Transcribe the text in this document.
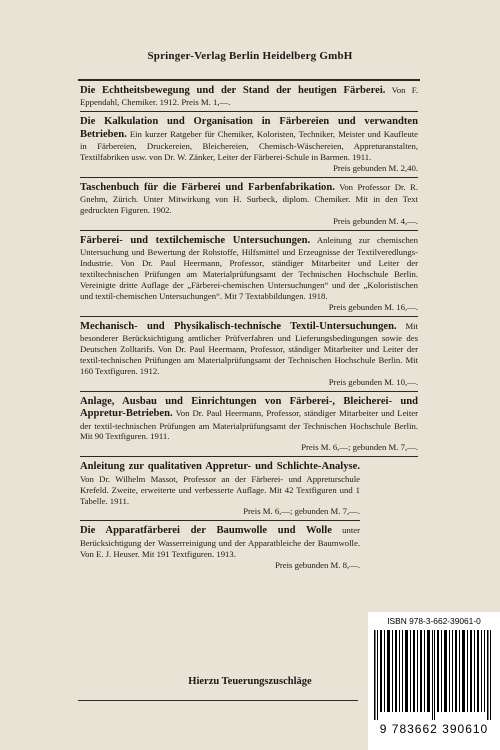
Springer-Verlag Berlin Heidelberg GmbH
Die Echtheitsbewegung und der Stand der heutigen Färberei. Von F. Eppendahl, Chemiker. 1912. Preis M. 1,—.
Die Kalkulation und Organisation in Färbereien und verwandten Betrieben. Ein kurzer Ratgeber für Chemiker, Koloristen, Techniker, Meister und Kaufleute in Färbereien, Druckereien, Bleichereien, Chemisch-Wäschereien, Appreturanstalten, Textilfabriken usw. von Dr. W. Zänker, Leiter der Färberei-Schule in Barmen. 1911.
Preis gebunden M. 2,40.
Taschenbuch für die Färberei und Farbenfabrikation. Von Professor Dr. R. Gnehm, Zürich. Unter Mitwirkung von H. Surbeck, diplom. Chemiker. Mit in den Text gedruckten Figuren. 1902.
Preis gebunden M. 4,—.
Färberei- und textilchemische Untersuchungen. Anleitung zur chemischen Untersuchung und Bewertung der Rohstoffe, Hilfsmittel und Erzeugnisse der Textilveredlungs-Industrie. Von Dr. Paul Heermann, Professor, ständiger Mitarbeiter und Leiter der textiltechnischen Prüfungen am Materialprüfungsamt der Technischen Hochschule Berlin. Vereinigte dritte Auflage der „Färberei-chemischen Untersuchungen“ und der „Koloristischen und textil-chemischen Untersuchungen“. Mit 7 Textabbildungen. 1918.
Preis gebunden M. 16,—.
Mechanisch- und Physikalisch-technische Textil-Untersuchungen. Mit besonderer Berücksichtigung amtlicher Prüfverfahren und Lieferungsbedingungen sowie des Deutschen Zolltarifs. Von Dr. Paul Heermann, Professor, ständiger Mitarbeiter und Leiter der textil-technischen Prüfungen am Materialprüfungsamt der Technischen Hochschule Berlin. Mit 160 Textfiguren. 1912.
Preis gebunden M. 10,—.
Anlage, Ausbau und Einrichtungen von Färberei-, Bleicherei- und Appretur-Betrieben. Von Dr. Paul Heermann, Professor, ständiger Mitarbeiter und Leiter der textil-technischen Prüfungen am Materialprüfungsamt der Technischen Hochschule Berlin. Mit 90 Textfiguren. 1911.
Preis M. 6,—; gebunden M. 7,—.
Anleitung zur qualitativen Appretur- und Schlichte-Analyse. Von Dr. Wilhelm Massot, Professor an der Färberei- und Appreturschule Krefeld. Zweite, erweiterte und verbesserte Auflage. Mit 42 Textfiguren und 1 Tabelle. 1911.
Preis M. 6,—; gebunden M. 7,—.
Die Apparatfärberei der Baumwolle und Wolle unter Berücksichtigung der Wasserreinigung und der Apparatbleiche der Baumwolle. Von E. J. Heuser. Mit 191 Textfiguren. 1913.
Preis gebunden M. 8,—.
Hierzu Teuerungszuschläge
ISBN 978-3-662-39061-0
9 783662 390610
